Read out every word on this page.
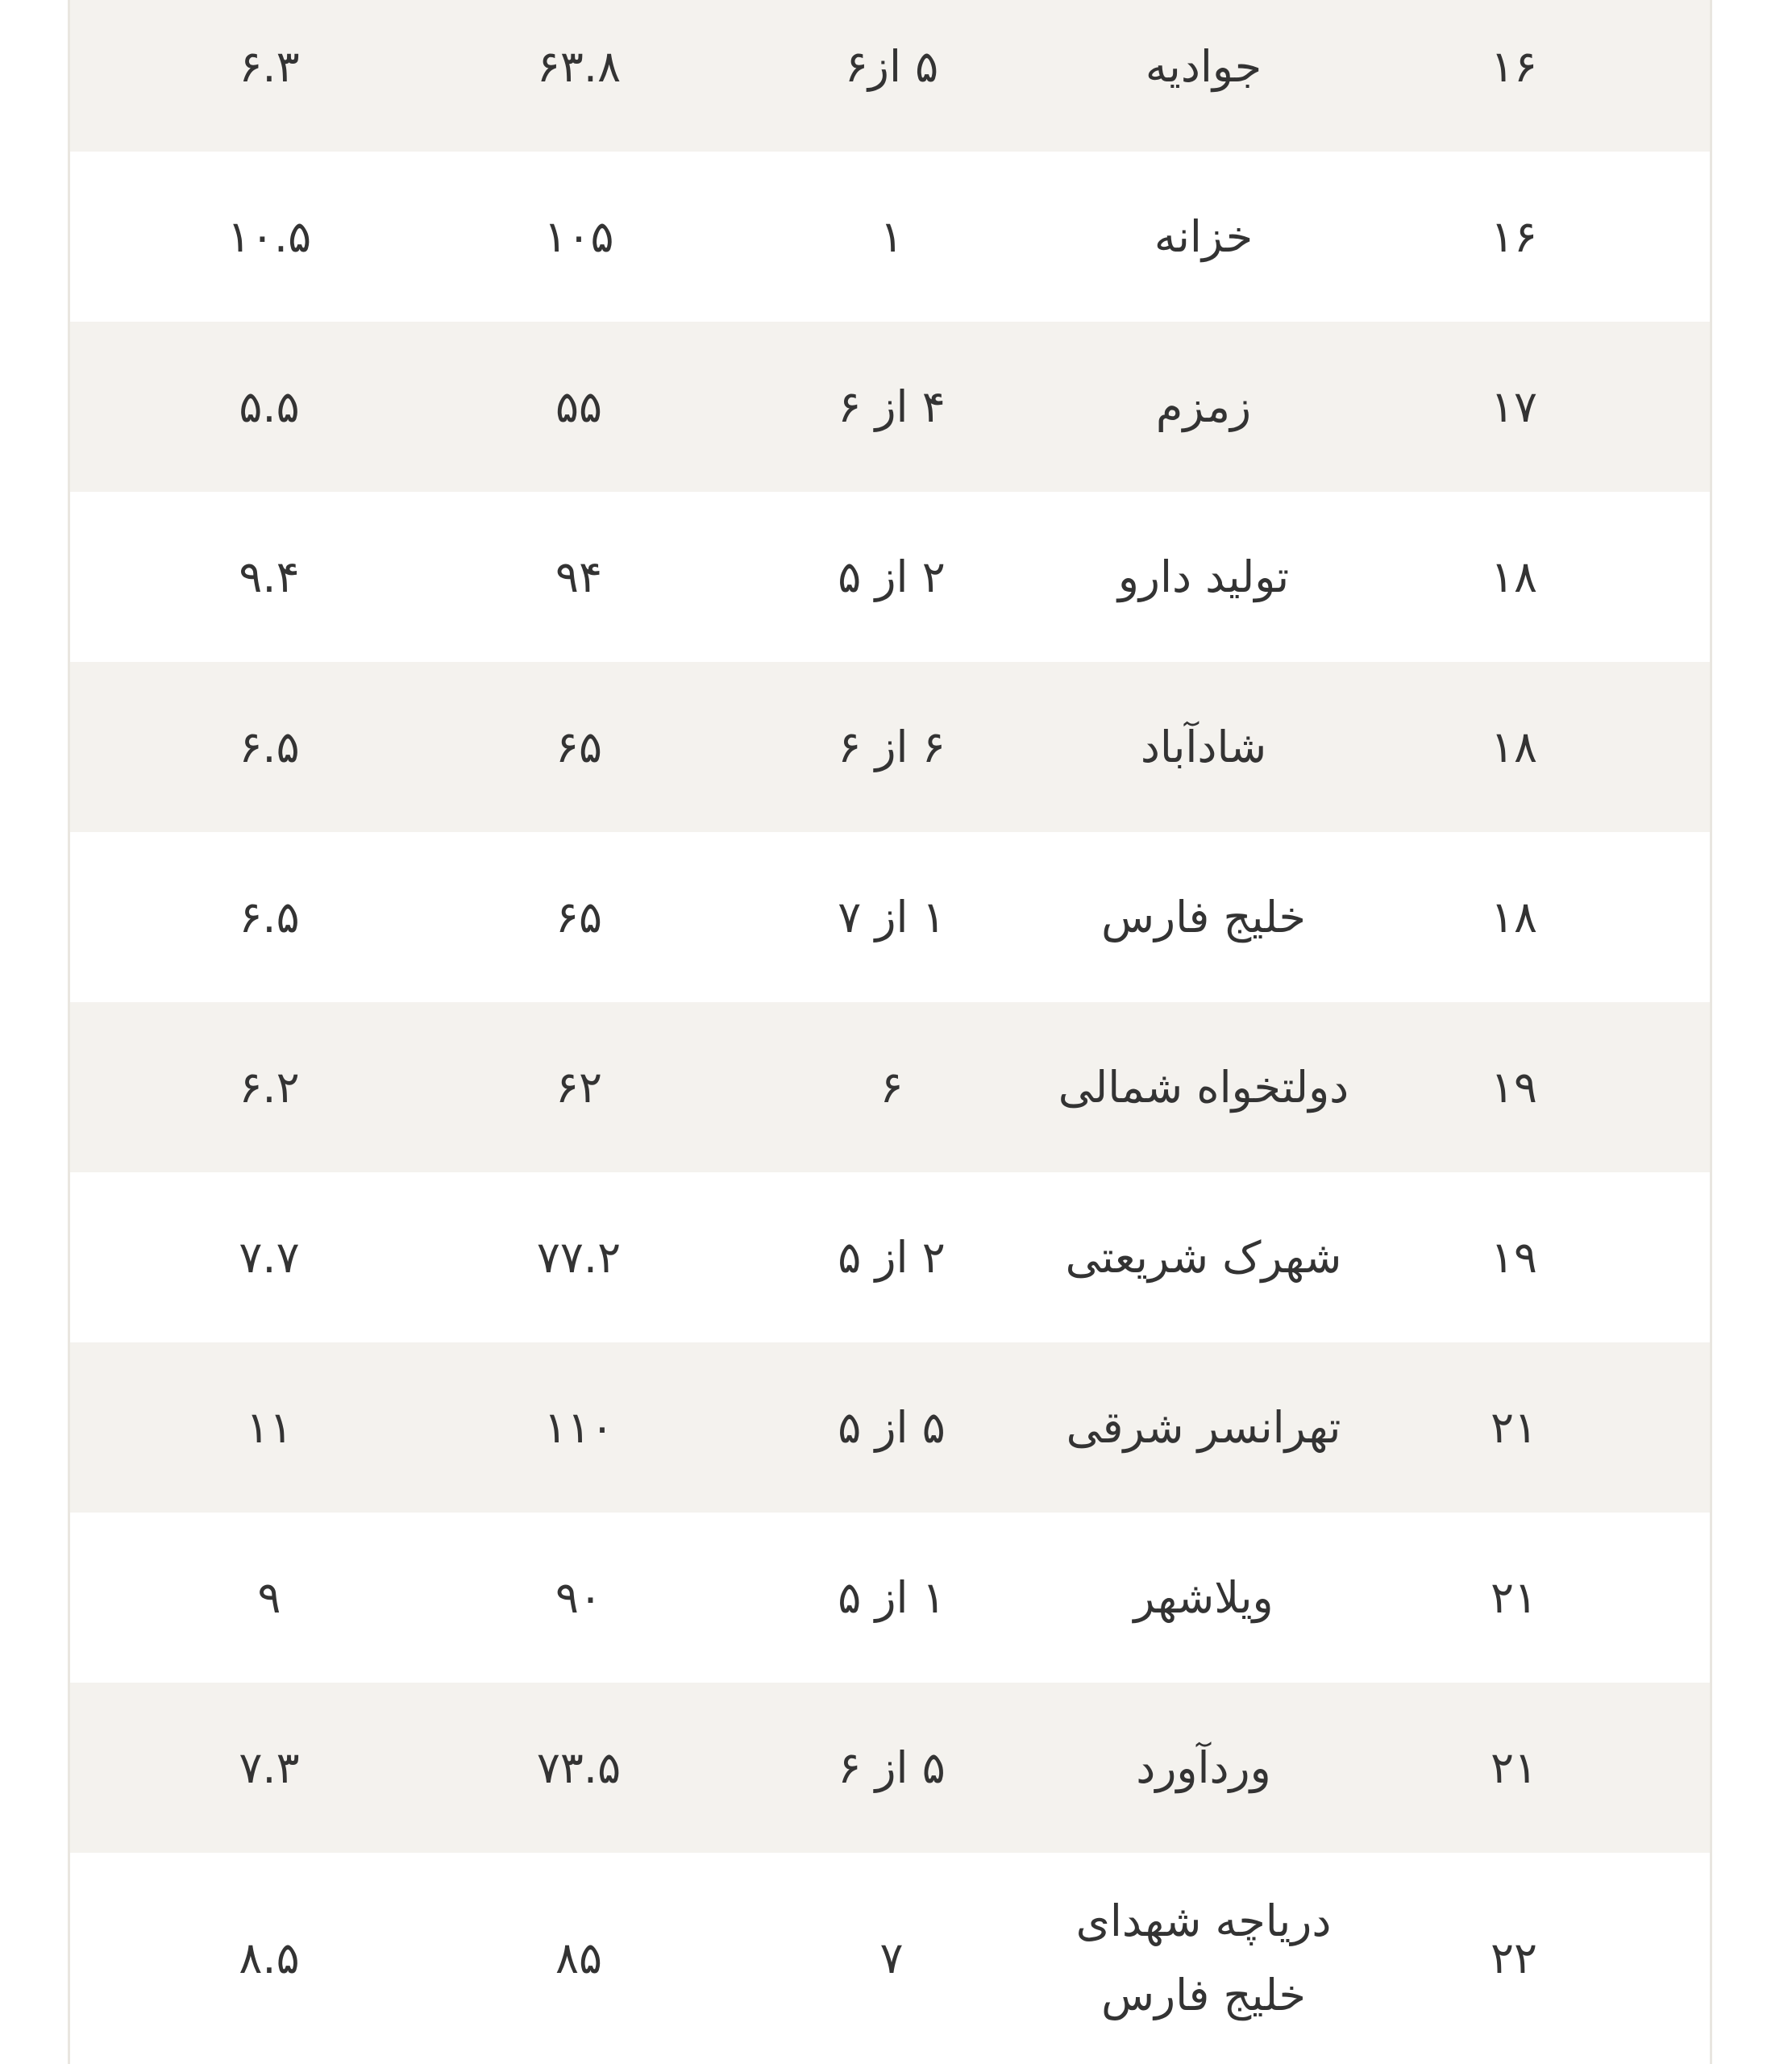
۱۶
جوادیه
۵ از۶
۶۳.۸
۶.۳
۱۶
خزانه
۱
۱۰۵
۱۰.۵
۱۷
زمزم
۴ از ۶
۵۵
۵.۵
۱۸
تولید دارو
۲ از ۵
۹۴
۹.۴
۱۸
شادآباد
۶ از ۶
۶۵
۶.۵
۱۸
خلیج فارس
۱ از ۷
۶۵
۶.۵
۱۹
دولتخواه شمالی
۶
۶۲
۶.۲
۱۹
شهرک شریعتی
۲ از ۵
۷۷.۲
۷.۷
۲۱
تهرانسر شرقی
۵ از ۵
۱۱۰
۱۱
۲۱
ویلاشهر
۱ از ۵
۹۰
۹
۲۱
وردآورد
۵ از ۶
۷۳.۵
۷.۳
۲۲
دریاچه شهدای خلیج فارس
۷
۸۵
۸.۵
